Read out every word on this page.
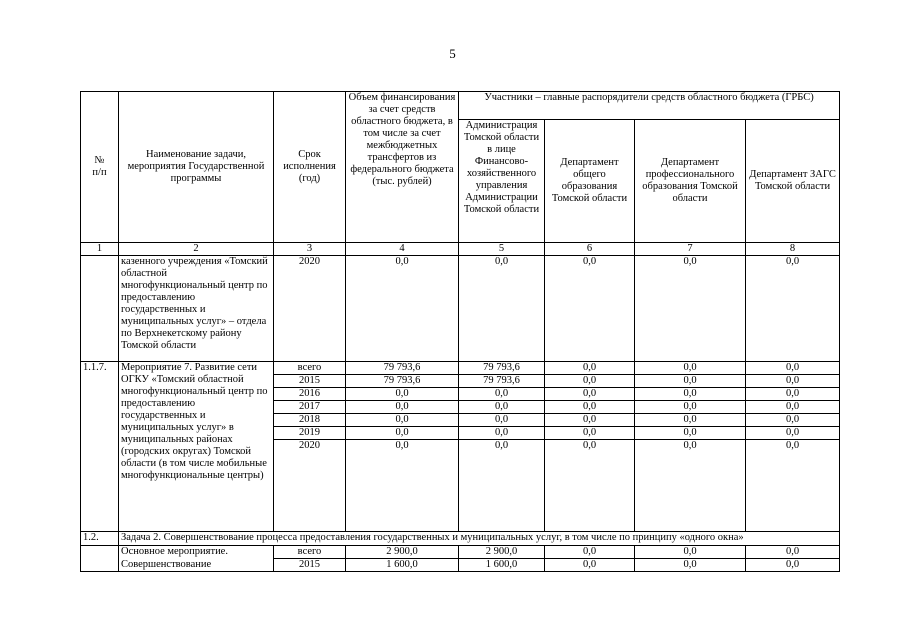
5
№
п/п	Наименование задачи, мероприятия Государственной программы	Срок исполнения (год)	Объем финансирования за счет средств областного бюджета, в том числе за счет межбюджетных трансфертов из федерального бюджета (тыс. рублей)	Участники – главные распорядители средств областного бюджета (ГРБС)			
				Администрация Томской области в лице Финансово-хозяйственного управления Администрации Томской области	Департамент общего образования Томской области	Департамент профессионального образования Томской области	Департамент ЗАГС Томской области
1	2	3	4	5	6	7	8
	казенного учреждения «Томский областной многофункциональный центр по предоставлению государственных и муниципальных услуг» – отдела по Верхнекетскому району Томской области	2020	0,0	0,0	0,0	0,0	0,0
1.1.7.	Мероприятие 7. Развитие сети ОГКУ «Томский областной многофункциональный центр по предоставлению государственных и муниципальных услуг» в муниципальных районах (городских округах) Томской области (в том числе мобильные многофункциональные центры)	всего	79 793,6	79 793,6	0,0	0,0	0,0
		2015	79 793,6	79 793,6	0,0	0,0	0,0
		2016	0,0	0,0	0,0	0,0	0,0
		2017	0,0	0,0	0,0	0,0	0,0
		2018	0,0	0,0	0,0	0,0	0,0
		2019	0,0	0,0	0,0	0,0	0,0
		2020	0,0	0,0	0,0	0,0	0,0
1.2.	Задача 2. Совершенствование процесса предоставления государственных и муниципальных услуг, в том числе по принципу «одного окна»						
	Основное мероприятие.	всего	2 900,0	2 900,0	0,0	0,0	0,0
	Совершенствование	2015	1 600,0	1 600,0	0,0	0,0	0,0
